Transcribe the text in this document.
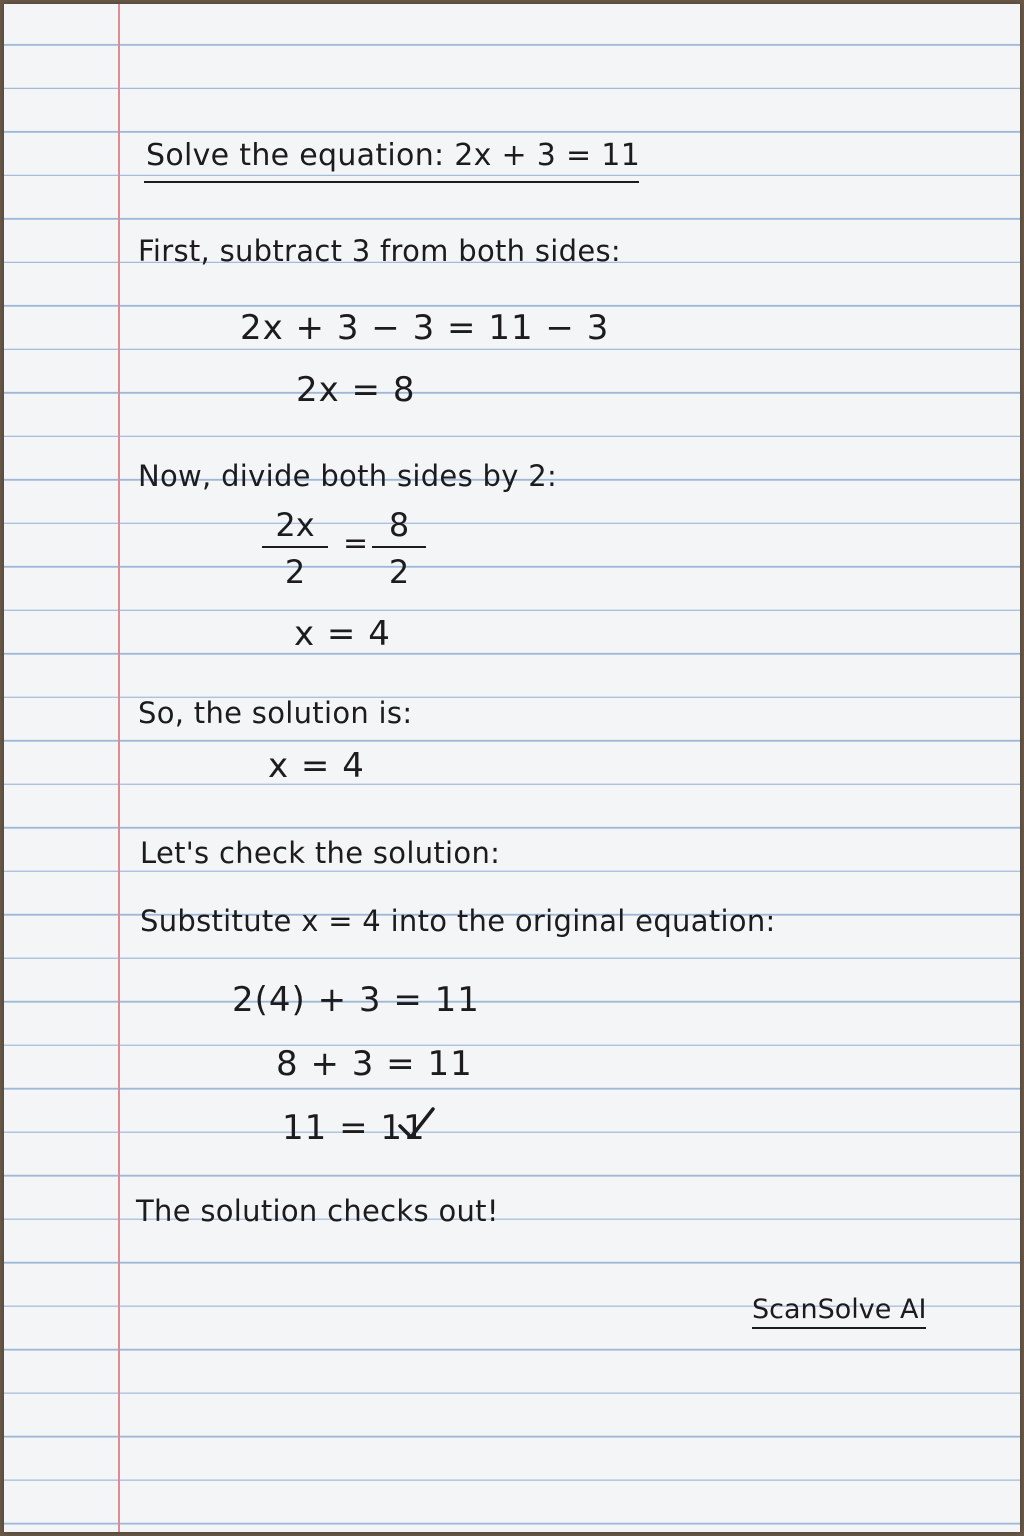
Solve the equation: 2x + 3 = 11
First, subtract 3 from both sides:
2x + 3 − 3 = 11 − 3
2x = 8
Now, divide both sides by 2:
2x
2
= 8
2
x = 4
So, the solution is:
x = 4
Let's check the solution:
Substitute x = 4 into the original equation:
2(4) + 3 = 11
8 + 3 = 11
11 = 11
The solution checks out!
ScanSolve AI
